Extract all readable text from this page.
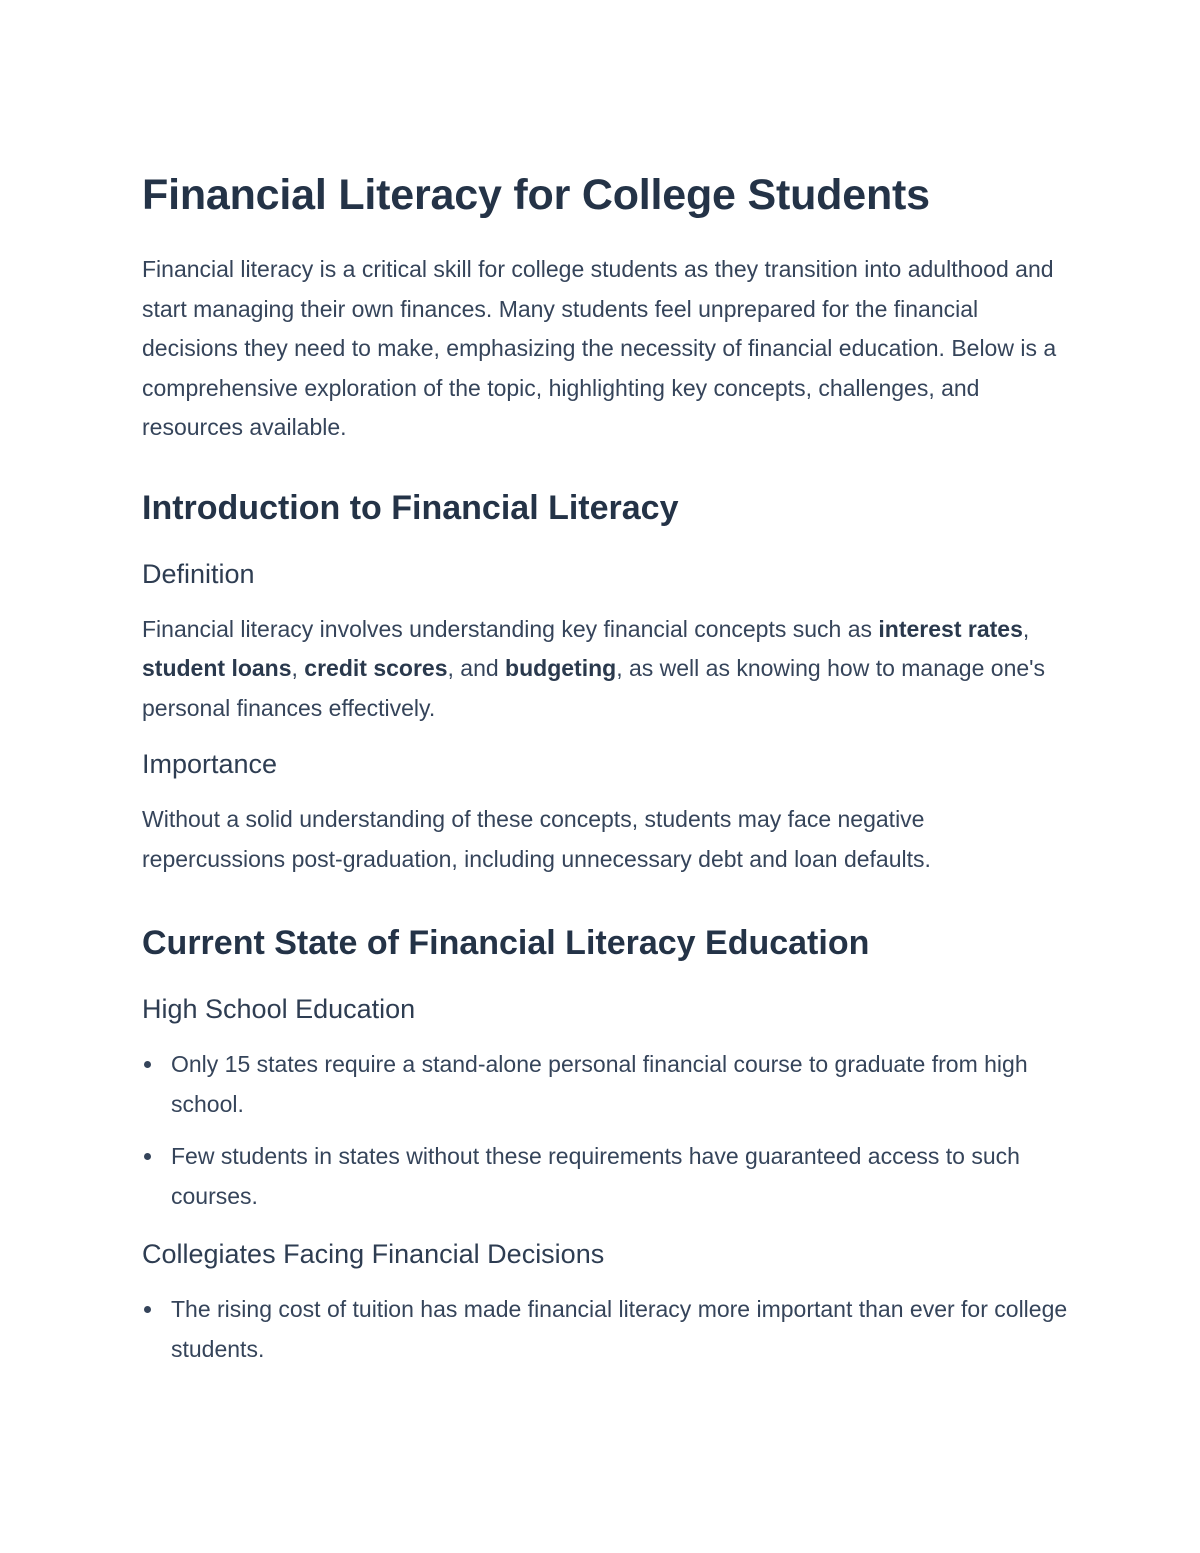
Financial Literacy for College Students

Financial literacy is a critical skill for college students as they transition into adulthood and start managing their own finances. Many students feel unprepared for the financial decisions they need to make, emphasizing the necessity of financial education. Below is a comprehensive exploration of the topic, highlighting key concepts, challenges, and resources available.

Introduction to Financial Literacy
Definition

Financial literacy involves understanding key financial concepts such as interest rates, student loans, credit scores, and budgeting, as well as knowing how to manage one's personal finances effectively.

Importance

Without a solid understanding of these concepts, students may face negative repercussions post-graduation, including unnecessary debt and loan defaults.

Current State of Financial Literacy Education
High School Education
Only 15 states require a stand-alone personal financial course to graduate from high school.
Few students in states without these requirements have guaranteed access to such courses.
Collegiates Facing Financial Decisions
The rising cost of tuition has made financial literacy more important than ever for college students.
